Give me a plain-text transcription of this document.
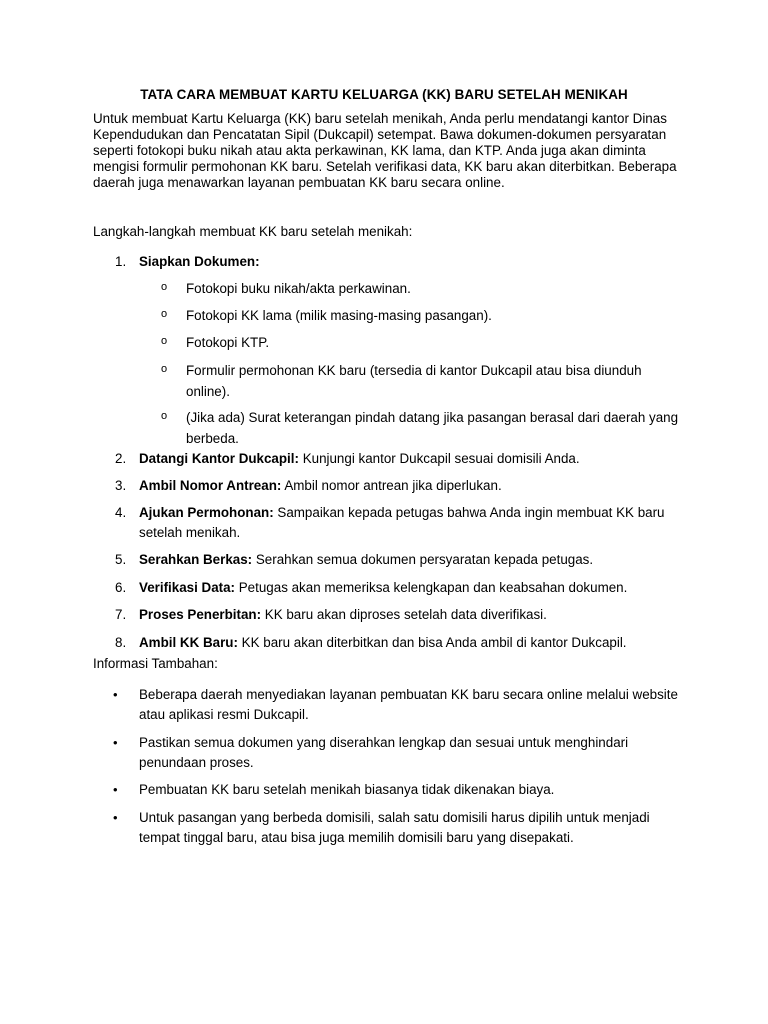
TATA CARA MEMBUAT KARTU KELUARGA (KK) BARU SETELAH MENIKAH
Untuk membuat Kartu Keluarga (KK) baru setelah menikah, Anda perlu mendatangi kantor Dinas Kependudukan dan Pencatatan Sipil (Dukcapil) setempat. Bawa dokumen-dokumen persyaratan seperti fotokopi buku nikah atau akta perkawinan, KK lama, dan KTP. Anda juga akan diminta mengisi formulir permohonan KK baru. Setelah verifikasi data, KK baru akan diterbitkan. Beberapa daerah juga menawarkan layanan pembuatan KK baru secara online.
Langkah-langkah membuat KK baru setelah menikah:
1. Siapkan Dokumen:
o Fotokopi buku nikah/akta perkawinan.
o Fotokopi KK lama (milik masing-masing pasangan).
o Fotokopi KTP.
o Formulir permohonan KK baru (tersedia di kantor Dukcapil atau bisa diunduh online).
o (Jika ada) Surat keterangan pindah datang jika pasangan berasal dari daerah yang berbeda.
2. Datangi Kantor Dukcapil: Kunjungi kantor Dukcapil sesuai domisili Anda.
3. Ambil Nomor Antrean: Ambil nomor antrean jika diperlukan.
4. Ajukan Permohonan: Sampaikan kepada petugas bahwa Anda ingin membuat KK baru setelah menikah.
5. Serahkan Berkas: Serahkan semua dokumen persyaratan kepada petugas.
6. Verifikasi Data: Petugas akan memeriksa kelengkapan dan keabsahan dokumen.
7. Proses Penerbitan: KK baru akan diproses setelah data diverifikasi.
8. Ambil KK Baru: KK baru akan diterbitkan dan bisa Anda ambil di kantor Dukcapil.
Informasi Tambahan:
•	Beberapa daerah menyediakan layanan pembuatan KK baru secara online melalui website atau aplikasi resmi Dukcapil.
•	Pastikan semua dokumen yang diserahkan lengkap dan sesuai untuk menghindari penundaan proses.
•	Pembuatan KK baru setelah menikah biasanya tidak dikenakan biaya.
•	Untuk pasangan yang berbeda domisili, salah satu domisili harus dipilih untuk menjadi tempat tinggal baru, atau bisa juga memilih domisili baru yang disepakati.
